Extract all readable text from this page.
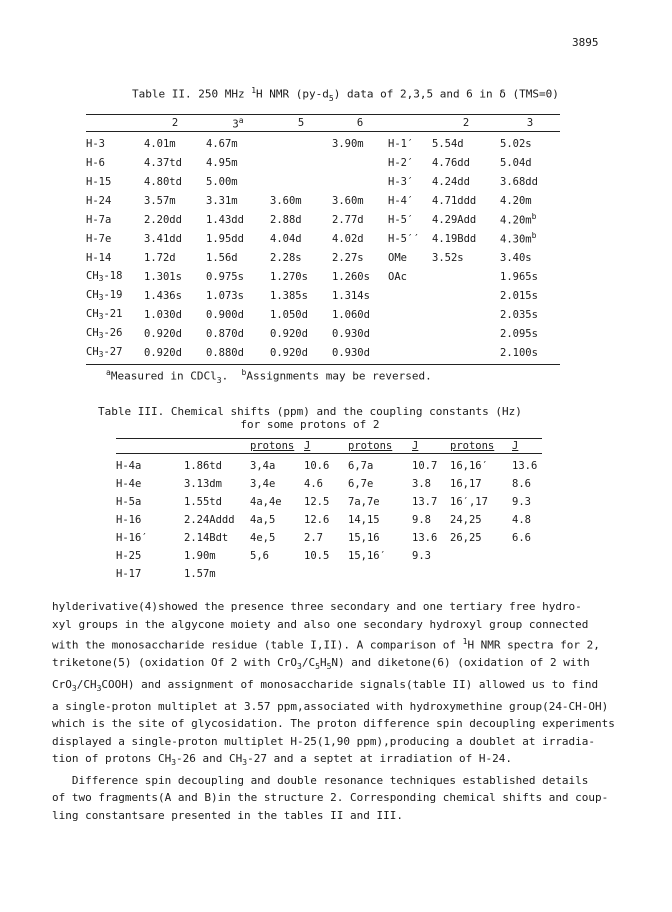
3895
Table II. 250 MHz $^1$H NMR $(py-d_5)$ data of 2,3,5 and 6 in δ (TMS=0)
	2	3$^a$	5	6		2	3
H-3	4.01m	4.67m		3.90m	H-1′	5.54d	5.02s
H-6	4.37td	4.95m			H-2′	4.76dd	5.04d
H-15	4.80td	5.00m			H-3′	4.24dd	3.68dd
H-24	3.57m	3.31m	3.60m	3.60m	H-4′	4.71ddd	4.20m
H-7a	2.20dd	1.43dd	2.88d	2.77d	H-5′	4.29Add	$4.20m^b$
H-7e	3.41dd	1.95dd	4.04d	4.02d	H-5′′	4.19Bdd	$4.30m^b$
H-14	1.72d	1.56d	2.28s	2.27s	OMe	3.52s	3.40s
$CH_3-18$	1.301s	0.975s	1.270s	1.260s	OAc		1.965s
$CH_3-19$	1.436s	1.073s	1.385s	1.314s			2.015s
$CH_3-21$	1.030d	0.900d	1.050d	1.060d			2.035s
$CH_3-26$	0.920d	0.870d	0.920d	0.930d			2.095s
$CH_3-27$	0.920d	0.880d	0.920d	0.930d			2.100s
$^a$Measured in CDCl$_3$. $^b$Assignments may be reversed.
Table III. Chemical shifts (ppm) and the coupling constants (Hz)
for some protons of 2
		protons	J	protons	J	protons	J
H-4a	1.86td	3,4a	10.6	6,7a	10.7	16,16′	13.6
H-4e	3.13dm	3,4e	4.6	6,7e	3.8	16,17	8.6
H-5a	1.55td	4a,4e	12.5	7a,7e	13.7	16′,17	9.3
H-16	2.24Addd	4a,5	12.6	14,15	9.8	24,25	4.8
H-16′	2.14Bdt	4e,5	2.7	15,16	13.6	26,25	6.6
H-25	1.90m	5,6	10.5	15,16′	9.3		
H-17	1.57m						
hylderivative(4)showed the presence three secondary and one tertiary free hydro-
xyl groups in the algycone moiety and also one secondary hydroxyl group connected
with the monosaccharide residue (table I,II). A comparison of $^1$H NMR spectra for 2,
triketone(5) (oxidation Of 2 with $CrO_3/C_5H_5N$) and diketone(6) (oxidation of 2 with
$CrO_3/CH_3COOH$) and assignment of monosaccharide signals(table II) allowed us to find
a single-proton multiplet at 3.57 ppm,associated with hydroxymethine group(24-CH-OH)
which is the site of glycosidation. The proton difference spin decoupling experiments
displayed a single-proton multiplet H-25(1,90 ppm),producing a doublet at irradia-
tion of protons $CH_3-26$ and $CH_3-27$ and a septet at irradiation of H-24.
Difference spin decoupling and double resonance techniques established details
of two fragments(A and B)in the structure 2. Corresponding chemical shifts and coup-
ling constantsare presented in the tables II and III.
